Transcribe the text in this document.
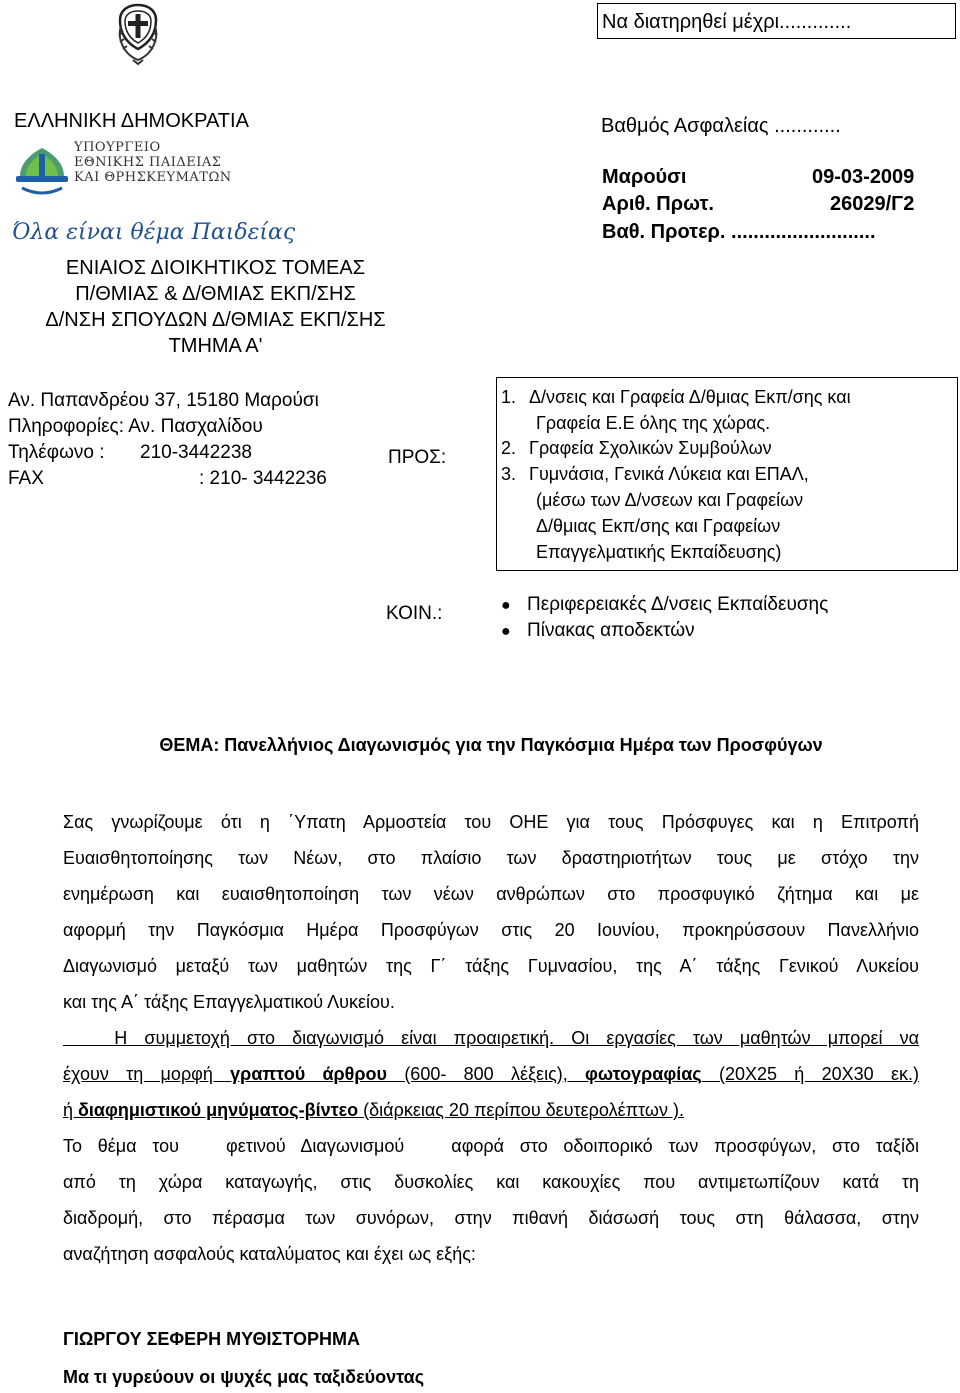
Να διατηρηθεί μέχρι.............
ΕΛΛΗΝΙΚΗ ΔΗΜΟΚΡΑΤΙΑ	Βαθμός Ασφαλείας ............
Μαρούσι	09-03-2009
Αριθ. Πρωτ.	26029/Γ2
Βαθ. Προτερ. ..........................
ΥΠΟΥΡΓΕΙΟ
ΕΘΝΙΚΗΣ ΠΑΙΔΕΙΑΣ
ΚΑΙ ΘΡΗΣΚΕΥΜΑΤΩΝ
Όλα είναι θέμα Παιδείας
ΕΝΙΑΙΟΣ ΔΙΟΙΚΗΤΙΚΟΣ ΤΟΜΕΑΣ
Π/ΘΜΙΑΣ & Δ/ΘΜΙΑΣ ΕΚΠ/ΣΗΣ
Δ/ΝΣΗ ΣΠΟΥΔΩΝ Δ/ΘΜΙΑΣ ΕΚΠ/ΣΗΣ
ΤΜΗΜΑ Α'
Αν. Παπανδρέου 37, 15180 Μαρούσι
Πληροφορίες: Αν. Πασχαλίδου
Τηλέφωνο : 210-3442238
FAX	: 210- 3442236
ΠΡΟΣ:
1. Δ/νσεις και Γραφεία Δ/θμιας Εκπ/σης και
Γραφεία Ε.Ε όλης της χώρας.
2. Γραφεία Σχολικών Συμβούλων
3. Γυμνάσια, Γενικά Λύκεια και ΕΠΑΛ,
(μέσω των Δ/νσεων και Γραφείων
Δ/θμιας Εκπ/σης και Γραφείων
Επαγγελματικής Εκπαίδευσης)
ΚΟΙΝ.:	● Περιφερειακές Δ/νσεις Εκπαίδευσης
● Πίνακας αποδεκτών
ΘΕΜΑ: Πανελλήνιος Διαγωνισμός για την Παγκόσμια Ημέρα των Προσφύγων
Σας γνωρίζουμε ότι η ΄Υπατη Αρμοστεία του ΟΗΕ για τους Πρόσφυγες και η Επιτροπή
Ευαισθητοποίησης των Νέων, στο πλαίσιο των δραστηριοτήτων τους με στόχο την
ενημέρωση και ευαισθητοποίηση των νέων ανθρώπων στο προσφυγικό ζήτημα και με
αφορμή την Παγκόσμια Ημέρα Προσφύγων στις 20 Ιουνίου, προκηρύσσουν Πανελλήνιο
Διαγωνισμό μεταξύ των μαθητών της Γ΄ τάξης Γυμνασίου, της Α΄ τάξης Γενικού Λυκείου
και της Α΄ τάξης Επαγγελματικού Λυκείου.
Η συμμετοχή στο διαγωνισμό είναι προαιρετική. Οι εργασίες των μαθητών μπορεί να
έχουν τη μορφή γραπτού άρθρου (600- 800 λέξεις), φωτογραφίας (20Χ25 ή 20Χ30 εκ.)
ή διαφημιστικού μηνύματος-βίντεο (διάρκειας 20 περίπου δευτερολέπτων ).
Το θέμα του   φετινού Διαγωνισμού   αφορά στο οδοιπορικό των προσφύγων, στο ταξίδι
από τη χώρα καταγωγής, στις δυσκολίες και κακουχίες που αντιμετωπίζουν κατά τη
διαδρομή, στο πέρασμα των συνόρων, στην πιθανή διάσωσή τους στη θάλασσα, στην
αναζήτηση ασφαλούς καταλύματος και έχει ως εξής:
ΓΙΩΡΓΟΥ ΣΕΦΕΡΗ ΜΥΘΙΣΤΟΡΗΜΑ
Μα τι γυρεύουν οι ψυχές μας ταξιδεύοντας
